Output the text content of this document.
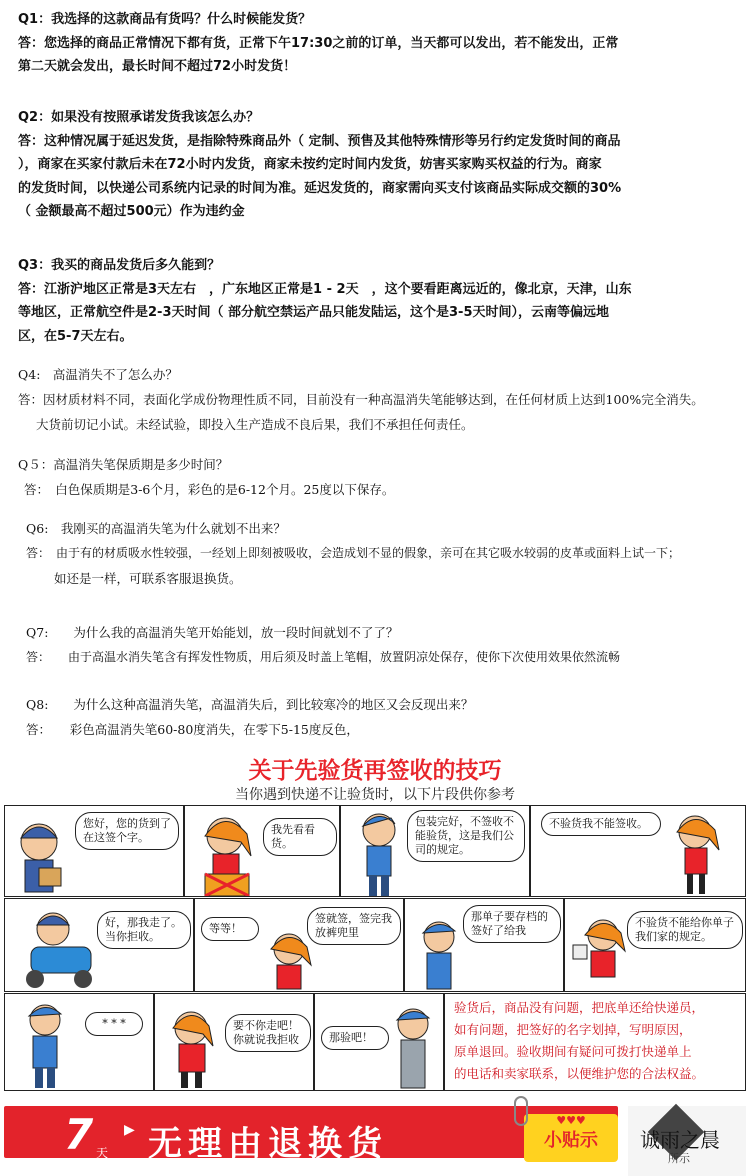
Q1：我选择的这款商品有货吗？什么时候能发货？
答：您选择的商品正常情况下都有货，正常下午17:30之前的订单，当天都可以发出，若不能发出，正常
第二天就会发出，最长时间不超过72小时发货！
Q2：如果没有按照承诺发货我该怎么办？
答：这种情况属于延迟发货，是指除特殊商品外（ 定制、预售及其他特殊情形等另行约定发货时间的商品
），商家在买家付款后未在72小时内发货，商家未按约定时间内发货，妨害买家购买权益的行为。商家
的发货时间，以快递公司系统内记录的时间为准。延迟发货的，商家需向买支付该商品实际成交额的30%
（ 金额最高不超过500元）作为违约金
Q3：我买的商品发货后多久能到？
答：江浙沪地区正常是3天左右　，广东地区正常是1 - 2天　，这个要看距离远近的，像北京，天津，山东
等地区，正常航空件是2-3天时间（ 部分航空禁运产品只能发陆运，这个是3-5天时间），云南等偏远地
区，在5-7天左右。
Q4:　高温消失不了怎么办？
答：因材质材料不同，表面化学成份物理性质不同，目前没有一种高温消失笔能够达到，在任何材质上达到100%完全消失。
大货前切记小试。未经试验，即投入生产造成不良后果，我们不承担任何责任。
Q５：高温消失笔保质期是多少时间？
答：　白色保质期是3-6个月，彩色的是6-12个月。25度以下保存。
Q6:　我刚买的高温消失笔为什么就划不出来？
答：　由于有的材质吸水性较强，一经划上即刻被吸收，会造成划不显的假象，亲可在其它吸水较弱的皮革或面料上试一下；
如还是一样，可联系客服退换货。
Q7:　　为什么我的高温消失笔开始能划，放一段时间就划不了了？
答：　　由于高温水消失笔含有挥发性物质，用后须及时盖上笔帽，放置阴凉处保存，使你下次使用效果依然流畅
Q8:　　为什么这种高温消失笔，高温消失后，到比较寒冷的地区又会反现出来？
答：　　彩色高温消失笔60-80度消失，在零下5-15度反色，
关于先验货再签收的技巧
当你遇到快递不让验货时，以下片段供你参考
您好，您的货到了在这签个字。
我先看看货。
包装完好，不签收不能验货，这是我们公司的规定。
不验货我不能签收。
好，那我走了。当你拒收。
等等！
签就签，签完我放裤兜里
那单子要存档的签好了给我
不验货不能给你单子我们家的规定。
* * *	要不你走吧！你就说我拒收	那验吧！
验货后，商品没有问题，把底单还给快递员，
如有问题，把签好的名字划掉，写明原因，
原单退回。验收期间有疑问可拨打快递单上
的电话和卖家联系，以便维护您的合法权益。
7 天
▶ 无理由退换货
♥♥♥
小贴示
所示
诚雨之晨
